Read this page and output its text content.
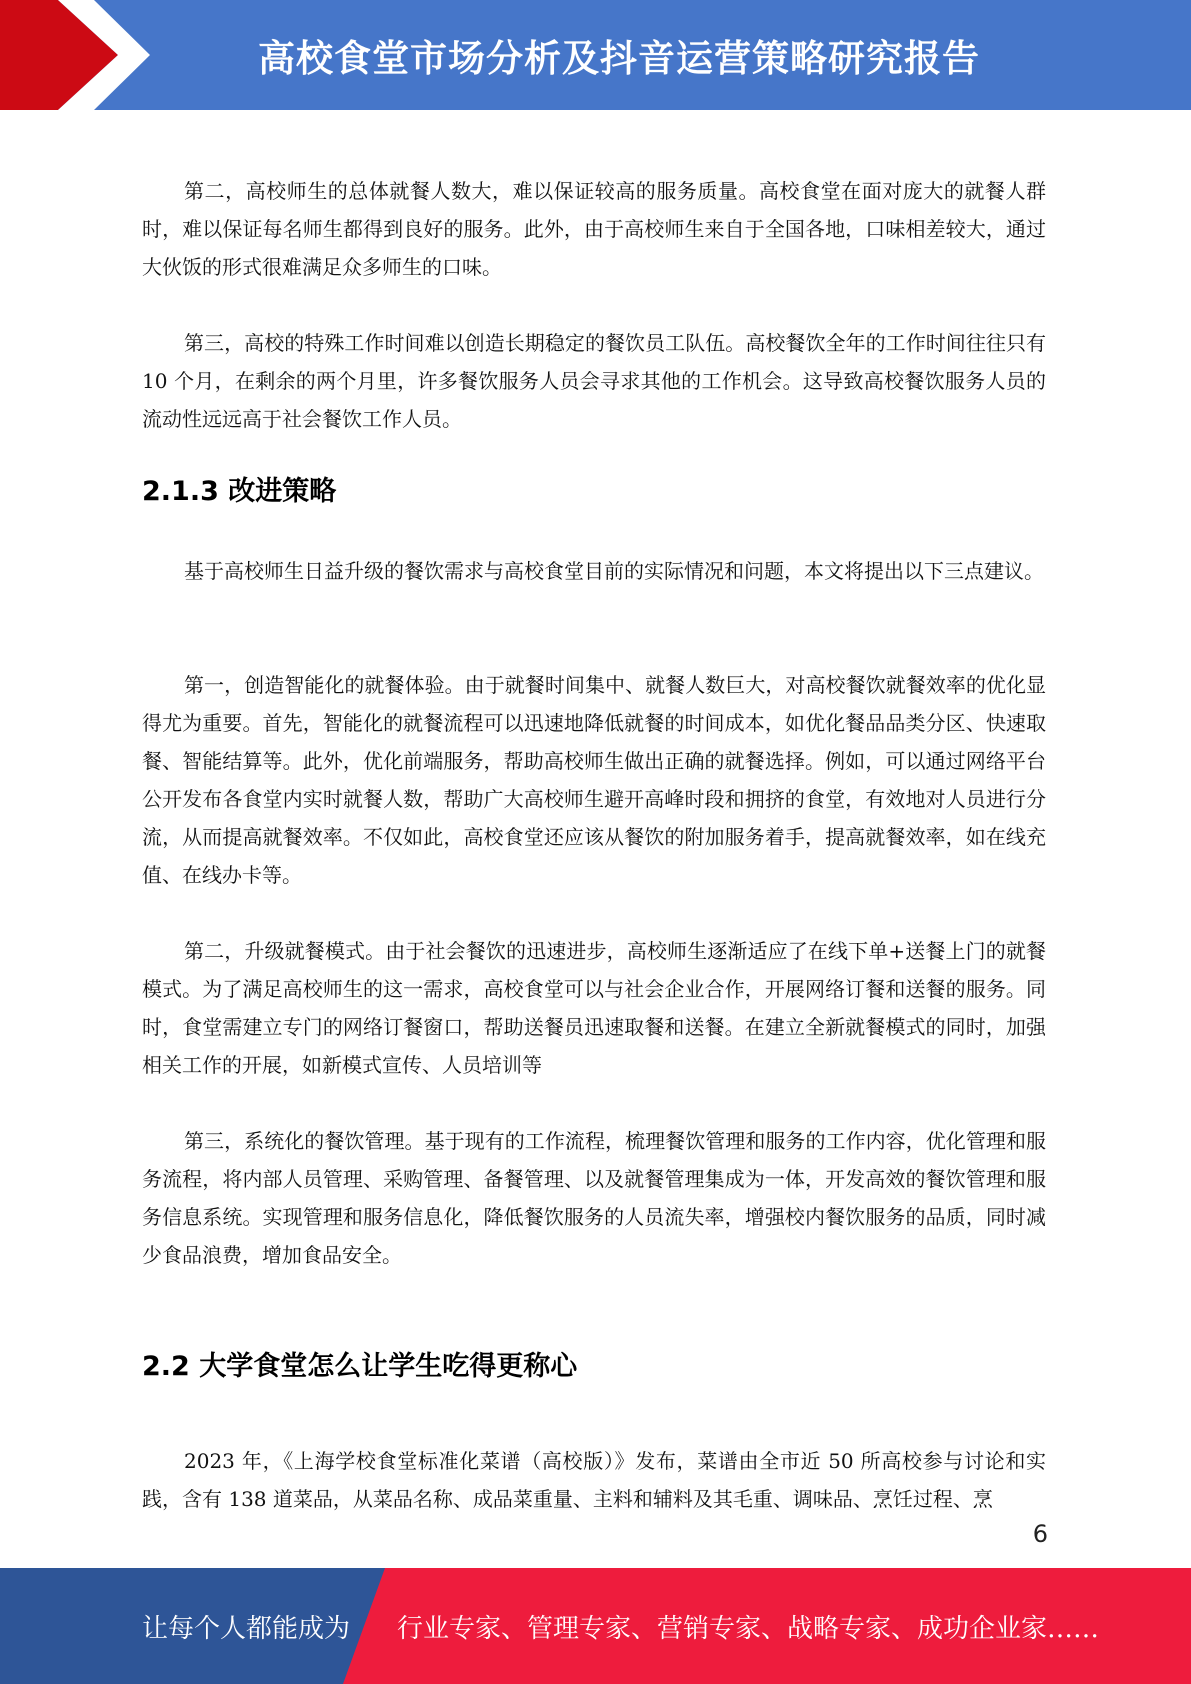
高校食堂市场分析及抖音运营策略研究报告

第二，高校师生的总体就餐人数大，难以保证较高的服务质量。高校食堂在面对庞大的就餐人群时，难以保证每名师生都得到良好的服务。此外，由于高校师生来自于全国各地，口味相差较大，通过大伙饭的形式很难满足众多师生的口味。

第三，高校的特殊工作时间难以创造长期稳定的餐饮员工队伍。高校餐饮全年的工作时间往往只有 10 个月，在剩余的两个月里，许多餐饮服务人员会寻求其他的工作机会。这导致高校餐饮服务人员的流动性远远高于社会餐饮工作人员。

2.1.3 改进策略

基于高校师生日益升级的餐饮需求与高校食堂目前的实际情况和问题，本文将提出以下三点建议。

第一，创造智能化的就餐体验。由于就餐时间集中、就餐人数巨大，对高校餐饮就餐效率的优化显得尤为重要。首先，智能化的就餐流程可以迅速地降低就餐的时间成本，如优化餐品品类分区、快速取餐、智能结算等。此外，优化前端服务，帮助高校师生做出正确的就餐选择。例如，可以通过网络平台公开发布各食堂内实时就餐人数，帮助广大高校师生避开高峰时段和拥挤的食堂，有效地对人员进行分流，从而提高就餐效率。不仅如此，高校食堂还应该从餐饮的附加服务着手，提高就餐效率，如在线充值、在线办卡等。

第二，升级就餐模式。由于社会餐饮的迅速进步，高校师生逐渐适应了在线下单+送餐上门的就餐模式。为了满足高校师生的这一需求，高校食堂可以与社会企业合作，开展网络订餐和送餐的服务。同时，食堂需建立专门的网络订餐窗口，帮助送餐员迅速取餐和送餐。在建立全新就餐模式的同时，加强相关工作的开展，如新模式宣传、人员培训等

第三，系统化的餐饮管理。基于现有的工作流程，梳理餐饮管理和服务的工作内容，优化管理和服务流程，将内部人员管理、采购管理、备餐管理、以及就餐管理集成为一体，开发高效的餐饮管理和服务信息系统。实现管理和服务信息化，降低餐饮服务的人员流失率，增强校内餐饮服务的品质，同时减少食品浪费，增加食品安全。

2.2 大学食堂怎么让学生吃得更称心

2023 年，《上海学校食堂标准化菜谱（高校版）》发布，菜谱由全市近 50 所高校参与讨论和实践，含有 138 道菜品，从菜品名称、成品菜重量、主料和辅料及其毛重、调味品、烹饪过程、烹

6
让每个人都能成为 行业专家、管理专家、营销专家、战略专家、成功企业家……
